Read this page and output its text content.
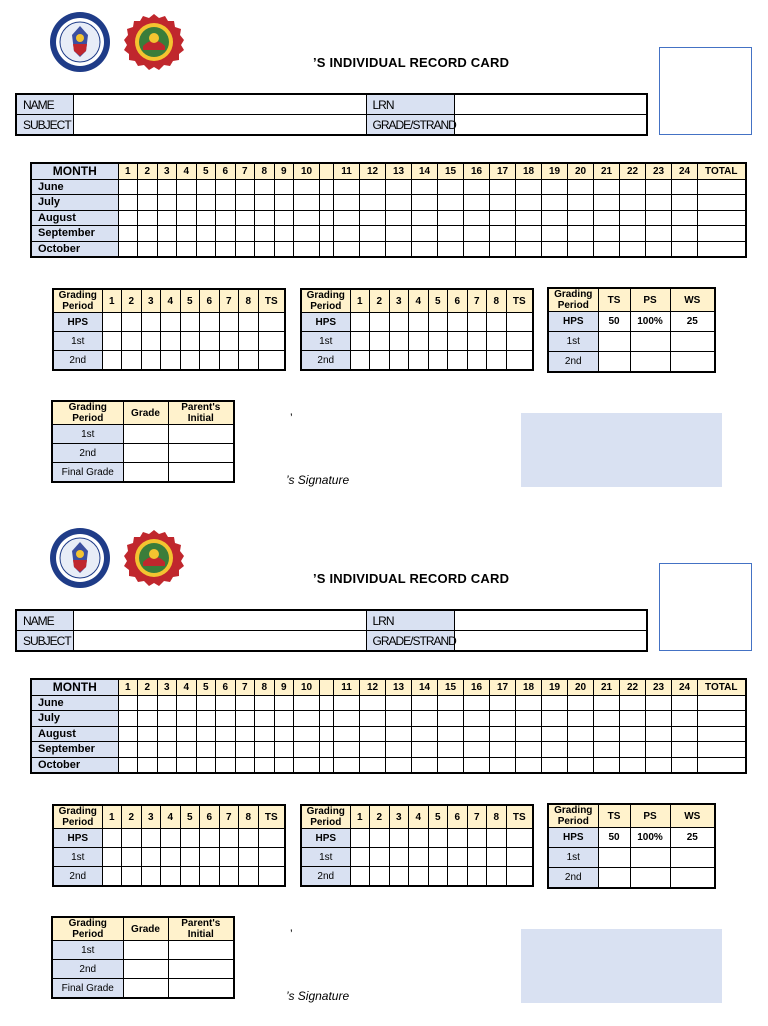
’S INDIVIDUAL RECORD CARD
NAME		LRN	
SUBJECT		GRADE/STRAND	
MONTH	1	2	3	4	5	6	7	8	9	10		11	12	13	14	15	16	17	18	19	20	21	22	23	24	TOTAL
June																										
July																										
August																										
September																										
October																										
Grading Period	1	2	3	4	5	6	7	8	TS
HPS									
1st									
2nd									
Grading Period	1	2	3	4	5	6	7	8	TS
HPS									
1st									
2nd									
Grading Period	TS	PS	WS
HPS	50	100%	25
1st			
2nd			
Grading Period	Grade	Parent's Initial
1st		
2nd		
Final Grade		
’
’s Signature
’S INDIVIDUAL RECORD CARD
NAME		LRN	
SUBJECT		GRADE/STRAND	
MONTH	1	2	3	4	5	6	7	8	9	10		11	12	13	14	15	16	17	18	19	20	21	22	23	24	TOTAL
June																										
July																										
August																										
September																										
October																										
Grading Period	1	2	3	4	5	6	7	8	TS
HPS									
1st									
2nd									
Grading Period	1	2	3	4	5	6	7	8	TS
HPS									
1st									
2nd									
Grading Period	TS	PS	WS
HPS	50	100%	25
1st			
2nd			
Grading Period	Grade	Parent's Initial
1st		
2nd		
Final Grade		
’
’s Signature
